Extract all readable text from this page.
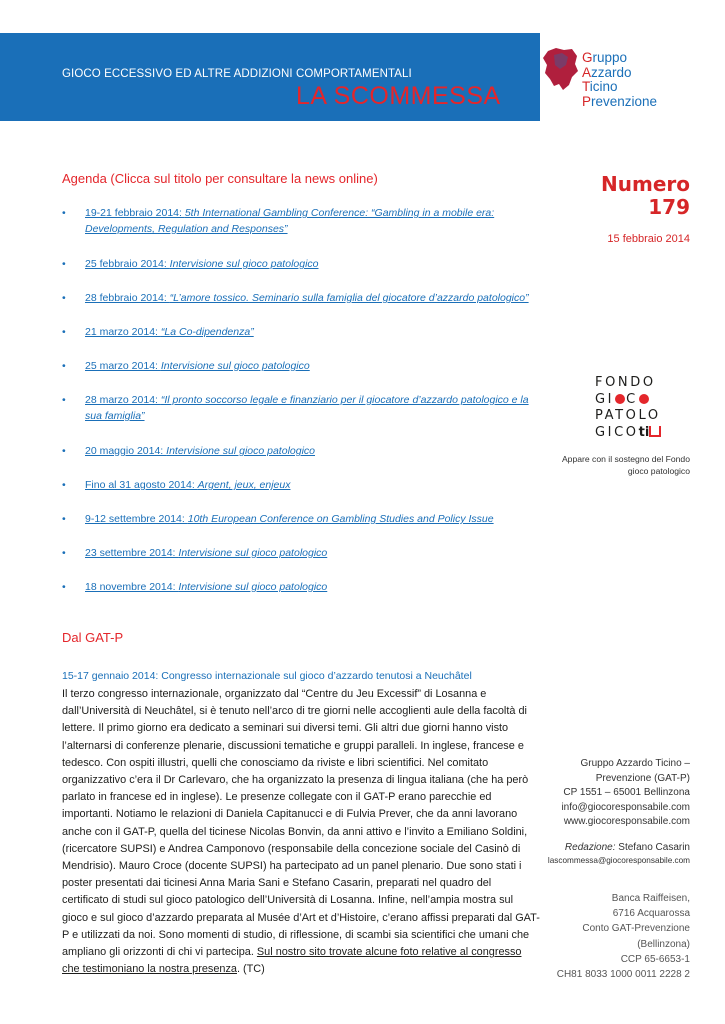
GIOCO ECCESSIVO ED ALTRE ADDIZIONI COMPORTAMENTALI
LA SCOMMESSA
Gruppo
Azzardo
Ticino
Prevenzione
Numero
179
15 febbraio 2014
Agenda (Clicca sul titolo per consultare la news online)
• 19-21 febbraio 2014: 5th International Gambling Conference: “Gambling in a mobile era: Developments, Regulation and Responses”
• 25 febbraio 2014: Intervisione sul gioco patologico
• 28 febbraio 2014: “L’amore tossico. Seminario sulla famiglia del giocatore d’azzardo patologico”
• 21 marzo 2014: “La Co-dipendenza”
• 25 marzo 2014: Intervisione sul gioco patologico
• 28 marzo 2014: “Il pronto soccorso legale e finanziario per il giocatore d’azzardo patologico e la sua famiglia”
• 20 maggio 2014: Intervisione sul gioco patologico
• Fino al 31 agosto 2014: Argent, jeux, enjeux
• 9-12 settembre 2014: 10th European Conference on Gambling Studies and Policy Issue
• 23 settembre 2014: Intervisione sul gioco patologico
• 18 novembre 2014: Intervisione sul gioco patologico
FONDO
GI C
PATOLO
GICOti
Appare con il sostegno del Fondo gioco patologico
Dal GAT-P
15-17 gennaio 2014: Congresso internazionale sul gioco d’azzardo tenutosi a Neuchâtel

Il terzo congresso internazionale, organizzato dal “Centre du Jeu Excessif” di Losanna e dall’Università di Neuchâtel, si è tenuto nell’arco di tre giorni nelle accoglienti aule della facoltà di lettere. Il primo giorno era dedicato a seminari sui diversi temi. Gli altri due giorni hanno visto l’alternarsi di conferenze plenarie, discussioni tematiche e gruppi paralleli. In inglese, francese e tedesco. Con ospiti illustri, quelli che conosciamo da riviste e libri scientifici. Nel comitato organizzativo c’era il Dr Carlevaro, che ha organizzato la presenza di lingua italiana (che ha però parlato in francese ed in inglese). Le presenze collegate con il GAT-P erano parecchie ed importanti. Notiamo le relazioni di Daniela Capitanucci e di Fulvia Prever, che da anni lavorano anche con il GAT-P, quella del ticinese Nicolas Bonvin, da anni attivo e l’invito a Emiliano Soldini, (ricercatore SUPSI) e Andrea Camponovo (responsabile della concezione sociale del Casinò di Mendrisio). Mauro Croce (docente SUPSI) ha partecipato ad un panel plenario. Due sono stati i poster presentati dai ticinesi Anna Maria Sani e Stefano Casarin, preparati nel quadro del certificato di studi sul gioco patologico dell’Università di Losanna. Infine, nell’ampia mostra sul gioco e sul gioco d’azzardo preparata al Musée d’Art et d’Histoire, c’erano affissi preparati dal GAT-P e utilizzati da noi. Sono momenti di studio, di riflessione, di scambi sia scientifici che umani che ampliano gli orizzonti di chi vi partecipa. Sul nostro sito trovate alcune foto relative al congresso che testimoniano la nostra presenza. (TC)

Gruppo Azzardo Ticino –
Prevenzione (GAT-P)
CP 1551 – 65001 Bellinzona
info@giocoresponsabile.com
www.giocoresponsabile.com
Redazione: Stefano Casarin
lascommessa@giocoresponsabile.com
Banca Raiffeisen,
6716 Acquarossa
Conto GAT-Prevenzione
(Bellinzona)
CCP 65-6653-1
CH81 8033 1000 0011 2228 2
